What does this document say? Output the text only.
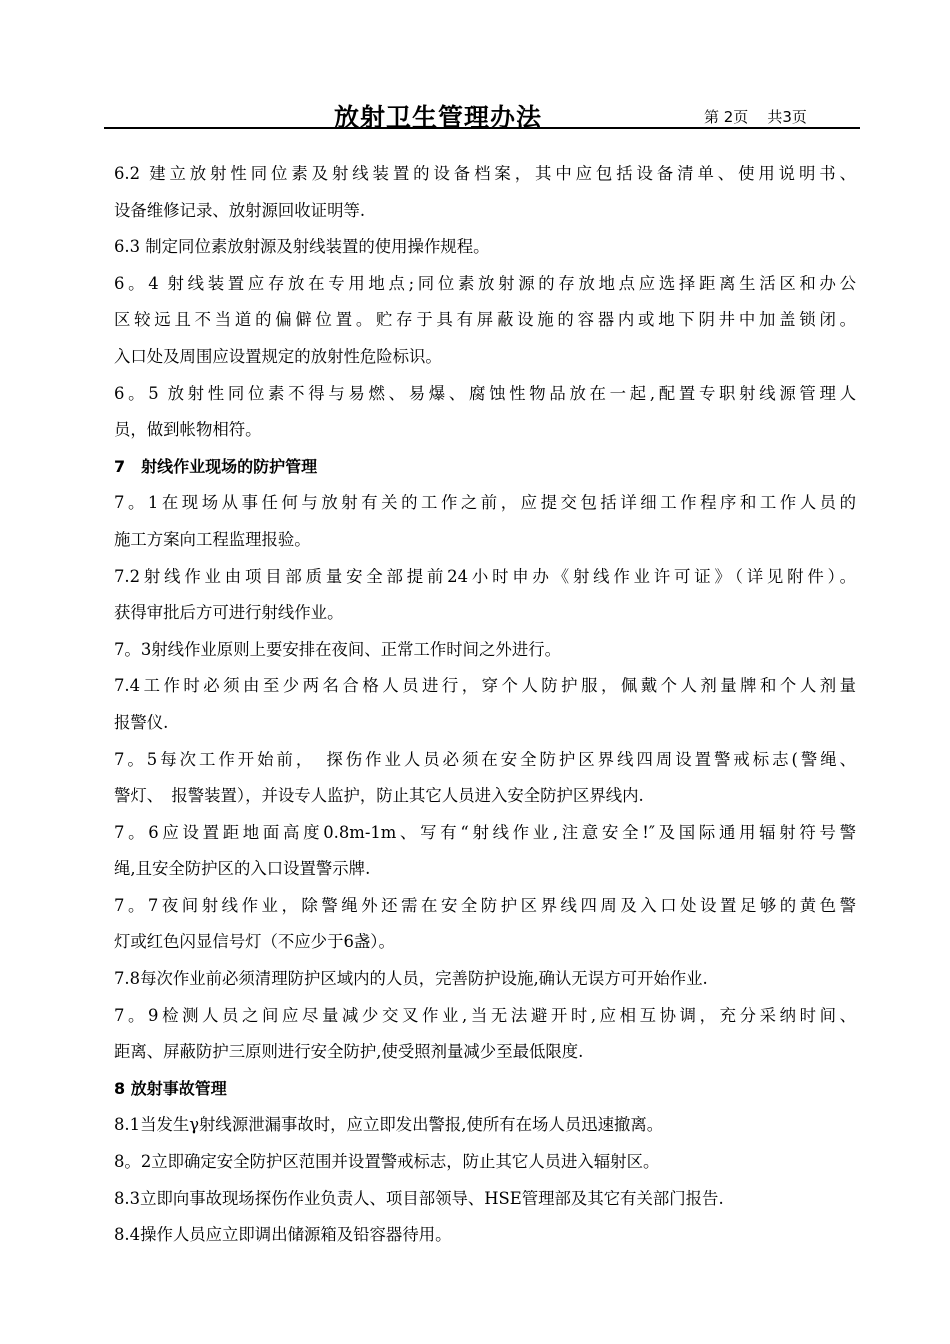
放射卫生管理办法	第 2页 共3页
6.2 建立放射性同位素及射线装置的设备档案，其中应包括设备清单、使用说明书、
设备维修记录、放射源回收证明等.
6.3 制定同位素放射源及射线装置的使用操作规程。
6。4 射线装置应存放在专用地点;同位素放射源的存放地点应选择距离生活区和办公
区较远且不当道的偏僻位置。贮存于具有屏蔽设施的容器内或地下阴井中加盖锁闭。
入口处及周围应设置规定的放射性危险标识。
6。5 放射性同位素不得与易燃、易爆、腐蚀性物品放在一起,配置专职射线源管理人
员，做到帐物相符。
7　射线作业现场的防护管理
7。1在现场从事任何与放射有关的工作之前，应提交包括详细工作程序和工作人员的
施工方案向工程监理报验。
7.2射线作业由项目部质量安全部提前24小时申办《射线作业许可证》（详见附件）。
获得审批后方可进行射线作业。
7。3射线作业原则上要安排在夜间、正常工作时间之外进行。
7.4工作时必须由至少两名合格人员进行，穿个人防护服，佩戴个人剂量牌和个人剂量
报警仪.
7。5每次工作开始前，　探伤作业人员必须在安全防护区界线四周设置警戒标志(警绳、
警灯、　报警装置），并设专人监护，防止其它人员进入安全防护区界线内.
7。6应设置距地面高度0.8m-1m、写有“射线作业,注意安全!″及国际通用辐射符号警
绳,且安全防护区的入口设置警示牌.
7。7夜间射线作业，除警绳外还需在安全防护区界线四周及入口处设置足够的黄色警
灯或红色闪显信号灯（不应少于6盏）。
7.8每次作业前必须清理防护区域内的人员，完善防护设施,确认无误方可开始作业.
7。9检测人员之间应尽量减少交叉作业,当无法避开时,应相互协调，充分采纳时间、
距离、屏蔽防护三原则进行安全防护,使受照剂量减少至最低限度.
8 放射事故管理
8.1当发生γ射线源泄漏事故时，应立即发出警报,使所有在场人员迅速撤离。
8。2立即确定安全防护区范围并设置警戒标志，防止其它人员进入辐射区。
8.3立即向事故现场探伤作业负责人、项目部领导、HSE管理部及其它有关部门报告.
8.4操作人员应立即调出储源箱及铅容器待用。
